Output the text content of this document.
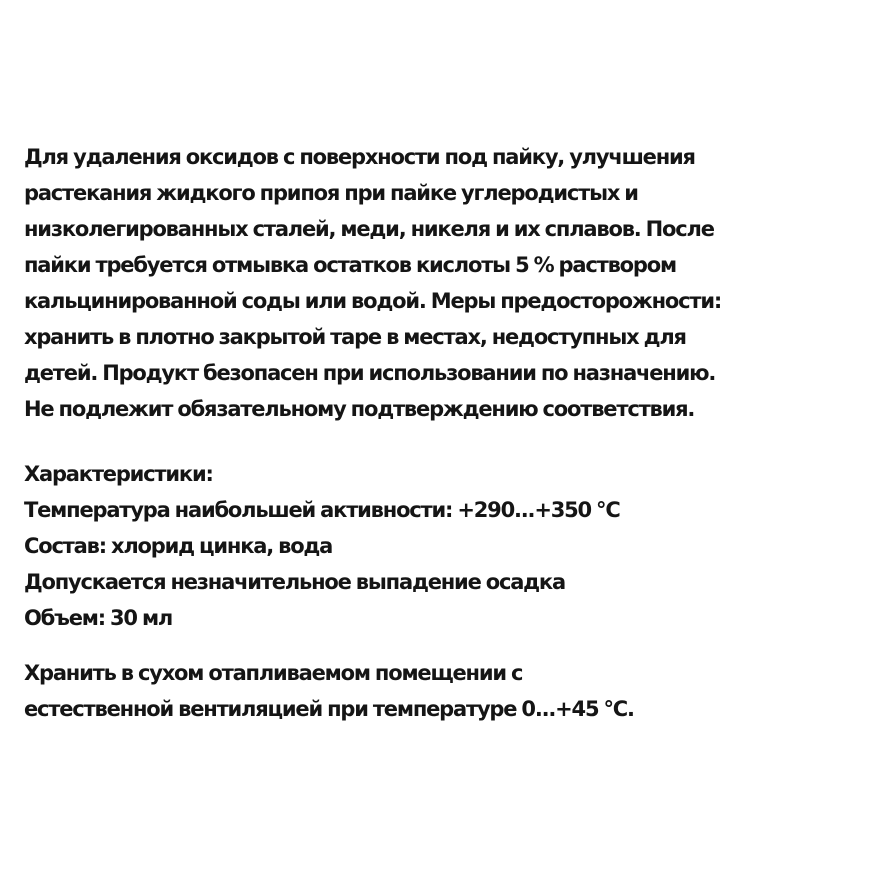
Для удаления оксидов с поверхности под пайку, улучшения
растекания жидкого припоя при пайке углеродистых и
низколегированных сталей, меди, никеля и их сплавов. После
пайки требуется отмывка остатков кислоты 5 % раствором
кальцинированной соды или водой. Меры предосторожности:
хранить в плотно закрытой таре в местах, недоступных для
детей. Продукт безопасен при использовании по назначению.
Не подлежит обязательному подтверждению соответствия.
Характеристики:
Температура наибольшей активности: +290...+350 °C
Состав: хлорид цинка, вода
Допускается незначительное выпадение осадка
Объем: 30 мл
Хранить в сухом отапливаемом помещении с
естественной вентиляцией при температуре 0...+45 °С.
